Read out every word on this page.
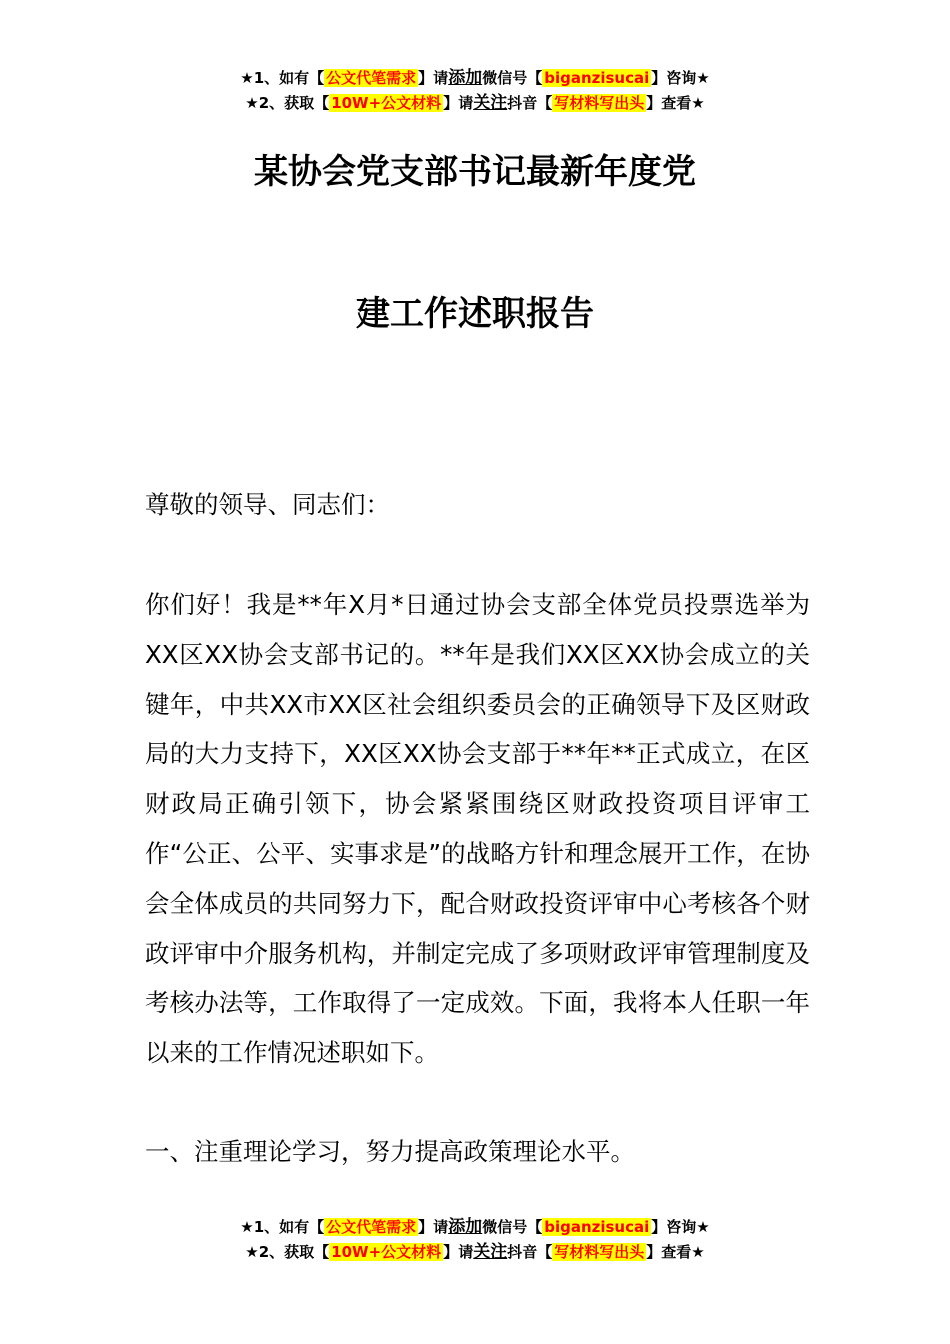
★1、如有【 公文代笔需求 】请添加微信号【 biganzisucai 】咨询★
★2、获取【 10W+公文材料 】请关注抖音【 写材料写出头 】查看★
某协会党支部书记最新年度党
建工作述职报告
尊敬的领导、同志们：
你们好！我是**年X月*日通过协会支部全体党员投票选举为XX区XX协会支部书记的。**年是我们XX区XX协会成立的关键年，中共XX市XX区社会组织委员会的正确领导下及区财政局的大力支持下，XX区XX协会支部于**年**正式成立，在区财政局正确引领下，协会紧紧围绕区财政投资项目评审工作“公正、公平、实事求是”的战略方针和理念展开工作，在协会全体成员的共同努力下，配合财政投资评审中心考核各个财政评审中介服务机构，并制定完成了多项财政评审管理制度及考核办法等，工作取得了一定成效。下面，我将本人任职一年以来的工作情况述职如下。
一、注重理论学习，努力提高政策理论水平。
★1、如有【 公文代笔需求 】请添加微信号【 biganzisucai 】咨询★
★2、获取【 10W+公文材料 】请关注抖音【 写材料写出头 】查看★
